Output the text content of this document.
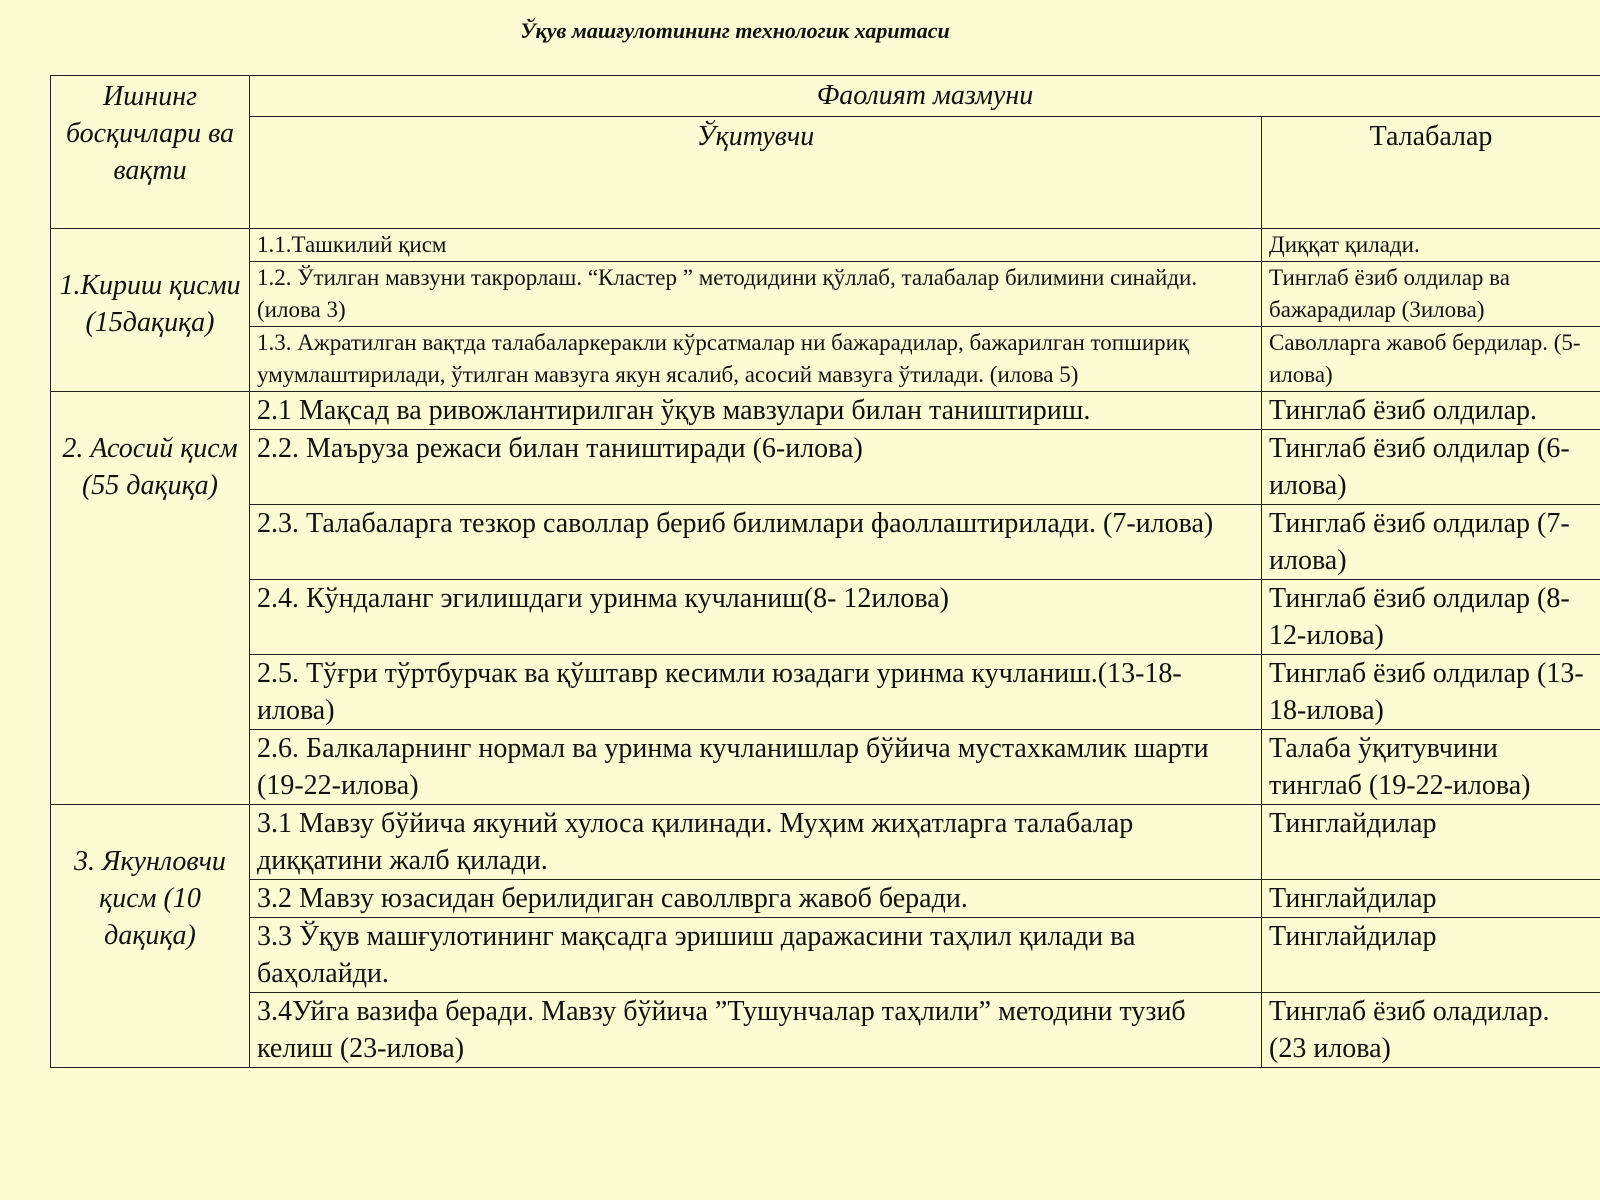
Ўқув машғулотининг технологик харитаси
Ишнинг босқичлари ва вақти	Фаолият мазмуни	
	Ўқитувчи	Талабалар
1.Кириш қисми (15дақиқа)	1.1.Ташкилий қисм	Диққат қилади.
	1.2. Ўтилган мавзуни такрорлаш. “Кластер ” методидини қўллаб, талабалар билимини синайди. (илова 3)	Тинглаб ёзиб олдилар ва бажарадилар (3илова)
	1.3. Ажратилган вақтда талабаларкеракли кўрсатмалар ни бажарадилар, бажарилган топшириқ умумлаштирилади, ўтилган мавзуга якун ясалиб, асосий мавзуга ўтилади. (илова 5)	Саволларга жавоб бердилар. (5-илова)
2. Асосий қисм (55 дақиқа)	2.1 Мақсад ва ривожлантирилган ўқув мавзулари билан таништириш.	Тинглаб ёзиб олдилар.
	2.2. Маъруза режаси билан таништиради (6-илова)	Тинглаб ёзиб олдилар (6-илова)
	2.3. Талабаларга тезкор саволлар бериб билимлари фаоллаштирилади. (7-илова)	Тинглаб ёзиб олдилар (7-илова)
	2.4. Кўндаланг эгилишдаги уринма кучланиш(8- 12илова)	Тинглаб ёзиб олдилар (8-12-илова)
	2.5. Тўғри тўртбурчак ва қўштавр кесимли юзадаги уринма кучланиш.(13-18-илова)	Тинглаб ёзиб олдилар (13-18-илова)
	2.6. Балкаларнинг нормал ва уринма кучланишлар бўйича мустахкамлик шарти (19-22-илова)	Талаба ўқитувчини тинглаб (19-22-илова)
3. Якунловчи қисм (10 дақиқа)	3.1 Мавзу бўйича якуний хулоса қилинади. Муҳим жиҳатларга талабалар диққатини жалб қилади.	Тинглайдилар
	3.2 Мавзу юзасидан берилидиган саволлврга жавоб беради.	Тинглайдилар
	3.3 Ўқув машғулотининг мақсадга эришиш даражасини таҳлил қилади ва баҳолайди.	Тинглайдилар
	3.4Уйга вазифа беради. Мавзу бўйича ”Тушунчалар таҳлили” методини тузиб келиш (23-илова)	Тинглаб ёзиб оладилар. (23 илова)
